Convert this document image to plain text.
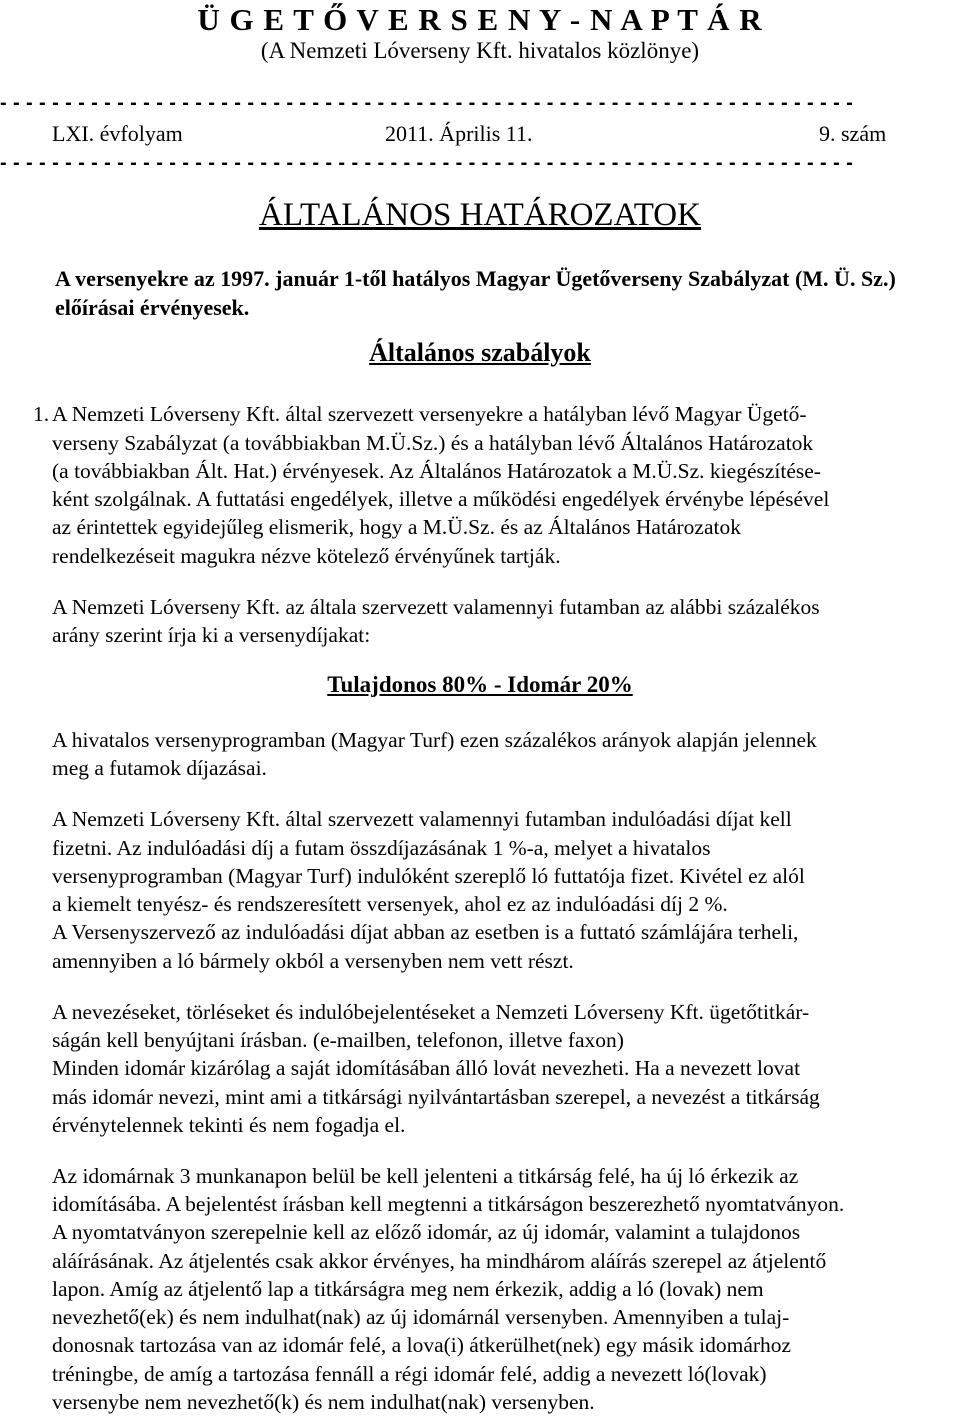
Ü G E T Ő V E R S E N Y - N A P T Á R
(A Nemzeti Lóverseny Kft. hivatalos közlönye)
- - - - - - - - - - - - - - - - - - - - - - - - - - - - - - - - - - - - - - - - - - - - - - - - - - - - - - - - - - - - - - - - - -
LXI. évfolyam	2011. Április 11.	9. szám
- - - - - - - - - - - - - - - - - - - - - - - - - - - - - - - - - - - - - - - - - - - - - - - - - - - - - - - - - - - - - - - - - -
ÁLTALÁNOS HATÁROZATOK
A versenyekre az 1997. január 1-től hatályos Magyar Ügetőverseny Szabályzat (M. Ü. Sz.)
előírásai érvényesek.
Általános szabályok
1. A Nemzeti Lóverseny Kft. által szervezett versenyekre a hatályban lévő Magyar Ügető-
verseny Szabályzat (a továbbiakban M.Ü.Sz.) és a hatályban lévő Általános Határozatok
(a továbbiakban Ált. Hat.) érvényesek. Az Általános Határozatok a M.Ü.Sz. kiegészítése-
ként szolgálnak. A futtatási engedélyek, illetve a működési engedélyek érvénybe lépésével
az érintettek egyidejűleg elismerik, hogy a M.Ü.Sz. és az Általános Határozatok
rendelkezéseit magukra nézve kötelező érvényűnek tartják.
A Nemzeti Lóverseny Kft. az általa szervezett valamennyi futamban az alábbi százalékos
arány szerint írja ki a versenydíjakat:
Tulajdonos 80% - Idomár 20%
A hivatalos versenyprogramban (Magyar Turf) ezen százalékos arányok alapján jelennek
meg a futamok díjazásai.
A Nemzeti Lóverseny Kft. által szervezett valamennyi futamban indulóadási díjat kell
fizetni. Az indulóadási díj a futam összdíjazásának 1 %-a, melyet a hivatalos
versenyprogramban (Magyar Turf) indulóként szereplő ló futtatója fizet. Kivétel ez alól
a kiemelt tenyész- és rendszeresített versenyek, ahol ez az indulóadási díj 2 %.
A Versenyszervező az indulóadási díjat abban az esetben is a futtató számlájára terheli,
amennyiben a ló bármely okból a versenyben nem vett részt.
A nevezéseket, törléseket és indulóbejelentéseket a Nemzeti Lóverseny Kft. ügetőtitkár-
ságán kell benyújtani írásban. (e-mailben, telefonon, illetve faxon)
Minden idomár kizárólag a saját idomításában álló lovát nevezheti. Ha a nevezett lovat
más idomár nevezi, mint ami a titkársági nyilvántartásban szerepel, a nevezést a titkárság
érvénytelennek tekinti és nem fogadja el.
Az idomárnak 3 munkanapon belül be kell jelenteni a titkárság felé, ha új ló érkezik az
idomításába. A bejelentést írásban kell megtenni a titkárságon beszerezhető nyomtatványon.
A nyomtatványon szerepelnie kell az előző idomár, az új idomár, valamint a tulajdonos
aláírásának. Az átjelentés csak akkor érvényes, ha mindhárom aláírás szerepel az átjelentő
lapon. Amíg az átjelentő lap a titkárságra meg nem érkezik, addig a ló (lovak) nem
nevezhető(ek) és nem indulhat(nak) az új idomárnál versenyben. Amennyiben a tulaj-
donosnak tartozása van az idomár felé, a lova(i) átkerülhet(nek) egy másik idomárhoz
tréningbe, de amíg a tartozása fennáll a régi idomár felé, addig a nevezett ló(lovak)
versenybe nem nevezhető(k) és nem indulhat(nak) versenyben.
